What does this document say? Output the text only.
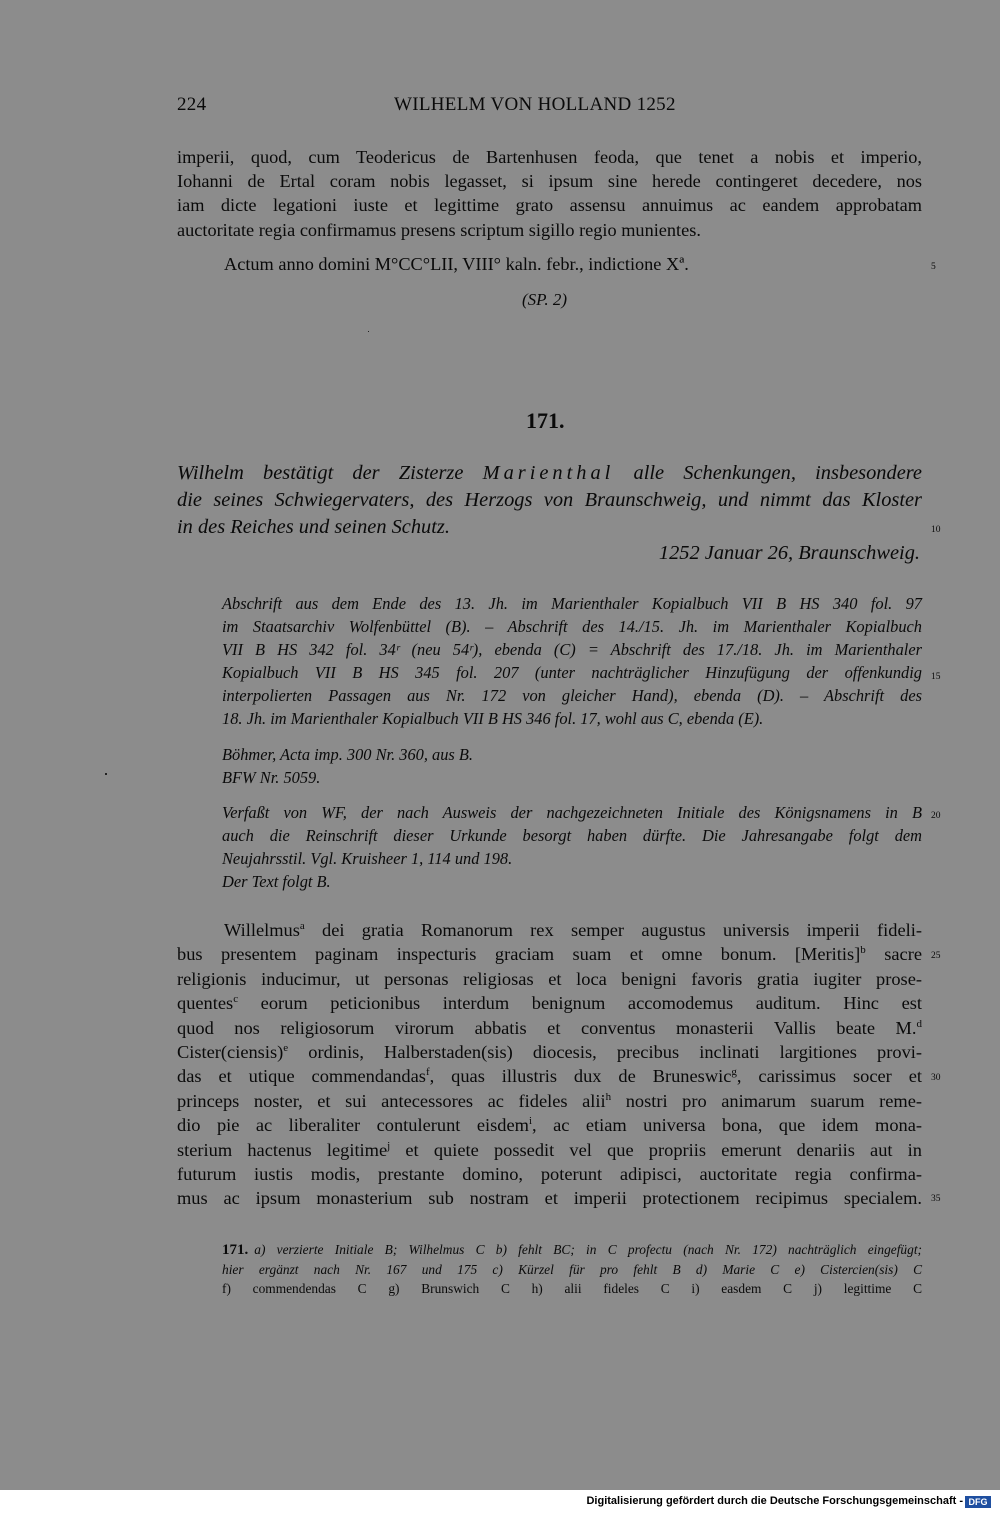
224	WILHELM VON HOLLAND 1252
imperii, quod, cum Teodericus de Bartenhusen feoda, que tenet a nobis et imperio,
Iohanni de Ertal coram nobis legasset, si ipsum sine herede contingeret decedere, nos
iam dicte legationi iuste et legittime grato assensu annuimus ac eandem approbatam
auctoritate regia confirmamus presens scriptum sigillo regio munientes.
Actum anno domini M°CC°LII, VIII° kaln. febr., indictione Xª.	5
(SP. 2)
171.
Wilhelm bestätigt der Zisterze Marienthal alle Schenkungen, insbesondere
die seines Schwiegervaters, des Herzogs von Braunschweig, und nimmt das Kloster
in des Reiches und seinen Schutz.	10
1252 Januar 26, Braunschweig.
Abschrift aus dem Ende des 13. Jh. im Marienthaler Kopialbuch VII B HS 340 fol. 97
im Staatsarchiv Wolfenbüttel (B). – Abschrift des 14./15. Jh. im Marienthaler Kopialbuch
VII B HS 342 fol. 34ʳ (neu 54ʳ), ebenda (C) = Abschrift des 17./18. Jh. im Marienthaler
Kopialbuch VII B HS 345 fol. 207 (unter nachträglicher Hinzufügung der offenkundig
interpolierten Passagen aus Nr. 172 von gleicher Hand), ebenda (D). – Abschrift des
18. Jh. im Marienthaler Kopialbuch VII B HS 346 fol. 17, wohl aus C, ebenda (E).
15
Böhmer, Acta imp. 300 Nr. 360, aus B.
BFW Nr. 5059.
Verfaßt von WF, der nach Ausweis der nachgezeichneten Initiale des Königsnamens in B
auch die Reinschrift dieser Urkunde besorgt haben dürfte. Die Jahresangabe folgt dem
Neujahrsstil. Vgl. Kruisheer 1, 114 und 198.
Der Text folgt B.
20
Willelmus$^a$ dei gratia Romanorum rex semper augustus universis imperii fideli-
bus presentem paginam inspecturis graciam suam et omne bonum. [Meritis]$^b$ sacre
religionis inducimur, ut personas religiosas et loca benigni favoris gratia iugiter prose-
quentes$^c$ eorum peticionibus interdum benignum accomodemus auditum. Hinc est
quod nos religiosorum virorum abbatis et conventus monasterii Vallis beate M.$^d$
Cister(ciensis)$^e$ ordinis, Halberstaden(sis) diocesis, precibus inclinati largitiones provi-
das et utique commendandas$^f$, quas illustris dux de Bruneswic$^g$, carissimus socer et
princeps noster, et sui antecessores ac fideles alii$^h$ nostri pro animarum suarum reme-
dio pie ac liberaliter contulerunt eisdem$^i$, ac etiam universa bona, que idem mona-
sterium hactenus legitime$^j$ et quiete possedit vel que propriis emerunt denariis aut in
futurum iustis modis, prestante domino, poterunt adipisci, auctoritate regia confirma-
mus ac ipsum monasterium sub nostram et imperii protectionem recipimus specialem.
25
30
35
171. a) verzierte Initiale B; Wilhelmus C b) fehlt BC; in C profectu (nach Nr. 172) nachträglich eingefügt;
hier ergänzt nach Nr. 167 und 175 c) Kürzel für pro fehlt B d) Marie C e) Cistercien(sis) C
f) commendendas C g) Brunswich C h) alii fideles C i) easdem C j) legittime C
Digitalisierung gefördert durch die Deutsche Forschungsgemeinschaft - DFG
